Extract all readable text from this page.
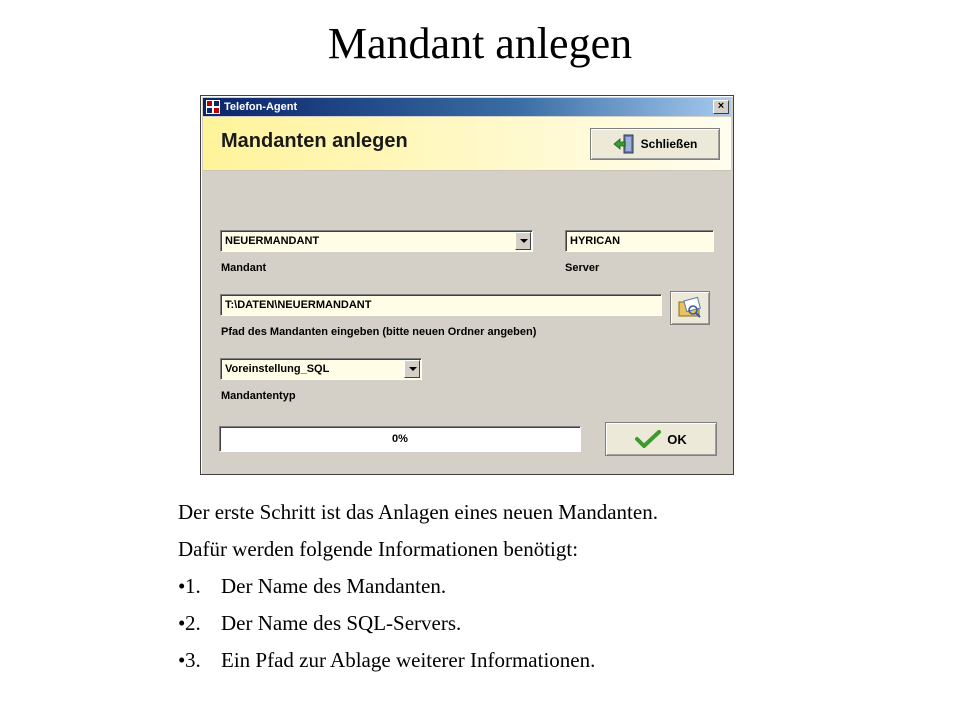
Mandant anlegen
Telefon-Agent	×
Mandanten anlegen	Schließen
NEUERMANDANT
Mandant
HYRICAN
Server
T:\DATEN\NEUERMANDANT
Pfad des Mandanten eingeben (bitte neuen Ordner angeben)
Voreinstellung_SQL
Mandantentyp
0%	OK
Der erste Schritt ist das Anlagen eines neuen Mandanten.
Dafür werden folgende Informationen benötigt:
•1. Der Name des Mandanten.
•2. Der Name des SQL-Servers.
•3. Ein Pfad zur Ablage weiterer Informationen.
